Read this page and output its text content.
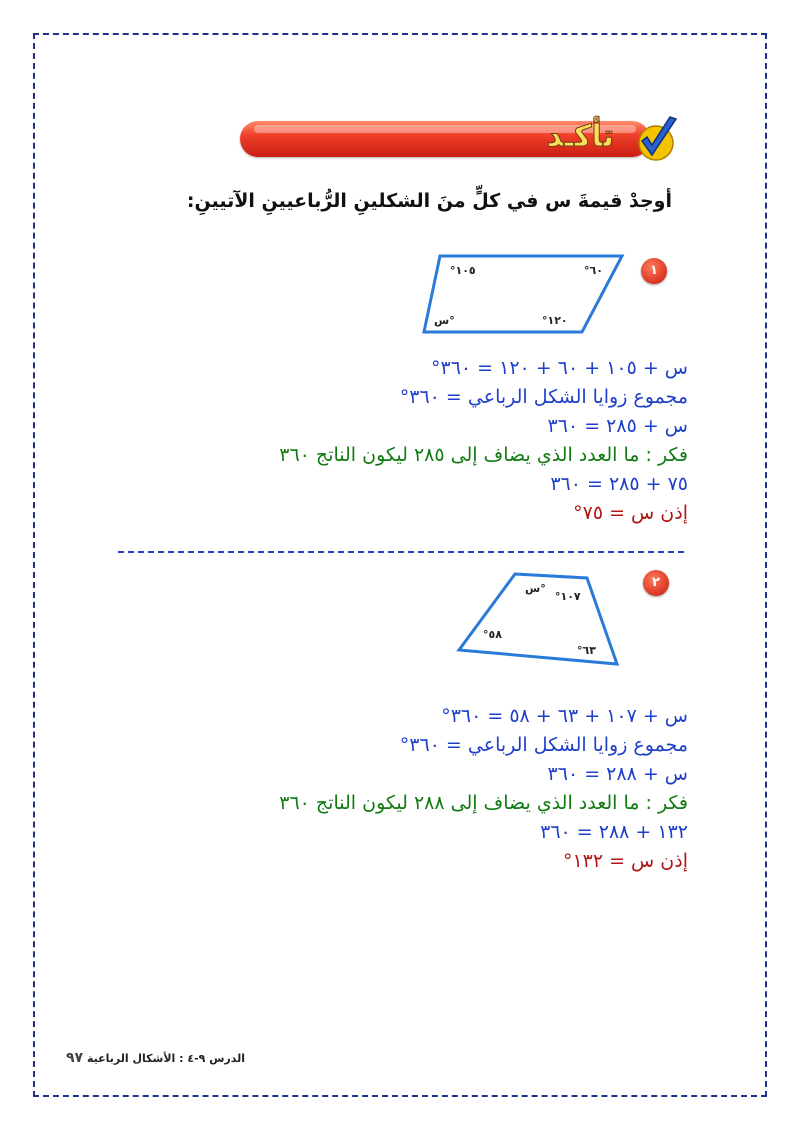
تأكـد
أوجدْ قيمةَ س في كلٍّ منَ الشكلينِ الرُّباعيينِ الآتيينِ:
١
°١٠٥	°٦٠
س°	°١٢٠
س + ١٠٥ + ٦٠ + ١٢٠ = ٣٦٠°
مجموع زوايا الشكل الرباعي = ٣٦٠°
س + ٢٨٥ = ٣٦٠
فكر : ما العدد الذي يضاف إلى ٢٨٥ ليكون الناتج ٣٦٠
٧٥ + ٢٨٥ = ٣٦٠
إذن س = ٧٥°
٢
س°
°١٠٧
°٥٨
°٦٣
س + ١٠٧ + ٦٣ + ٥٨ = ٣٦٠°
مجموع زوايا الشكل الرباعي = ٣٦٠°
س + ٢٨٨ = ٣٦٠
فكر : ما العدد الذي يضاف إلى ٢٨٨ ليكون الناتج ٣٦٠
١٣٢ + ٢٨٨ = ٣٦٠
إذن س = ١٣٢°
الدرس ٩-٤ : الأشكال الرباعية ٩٧
